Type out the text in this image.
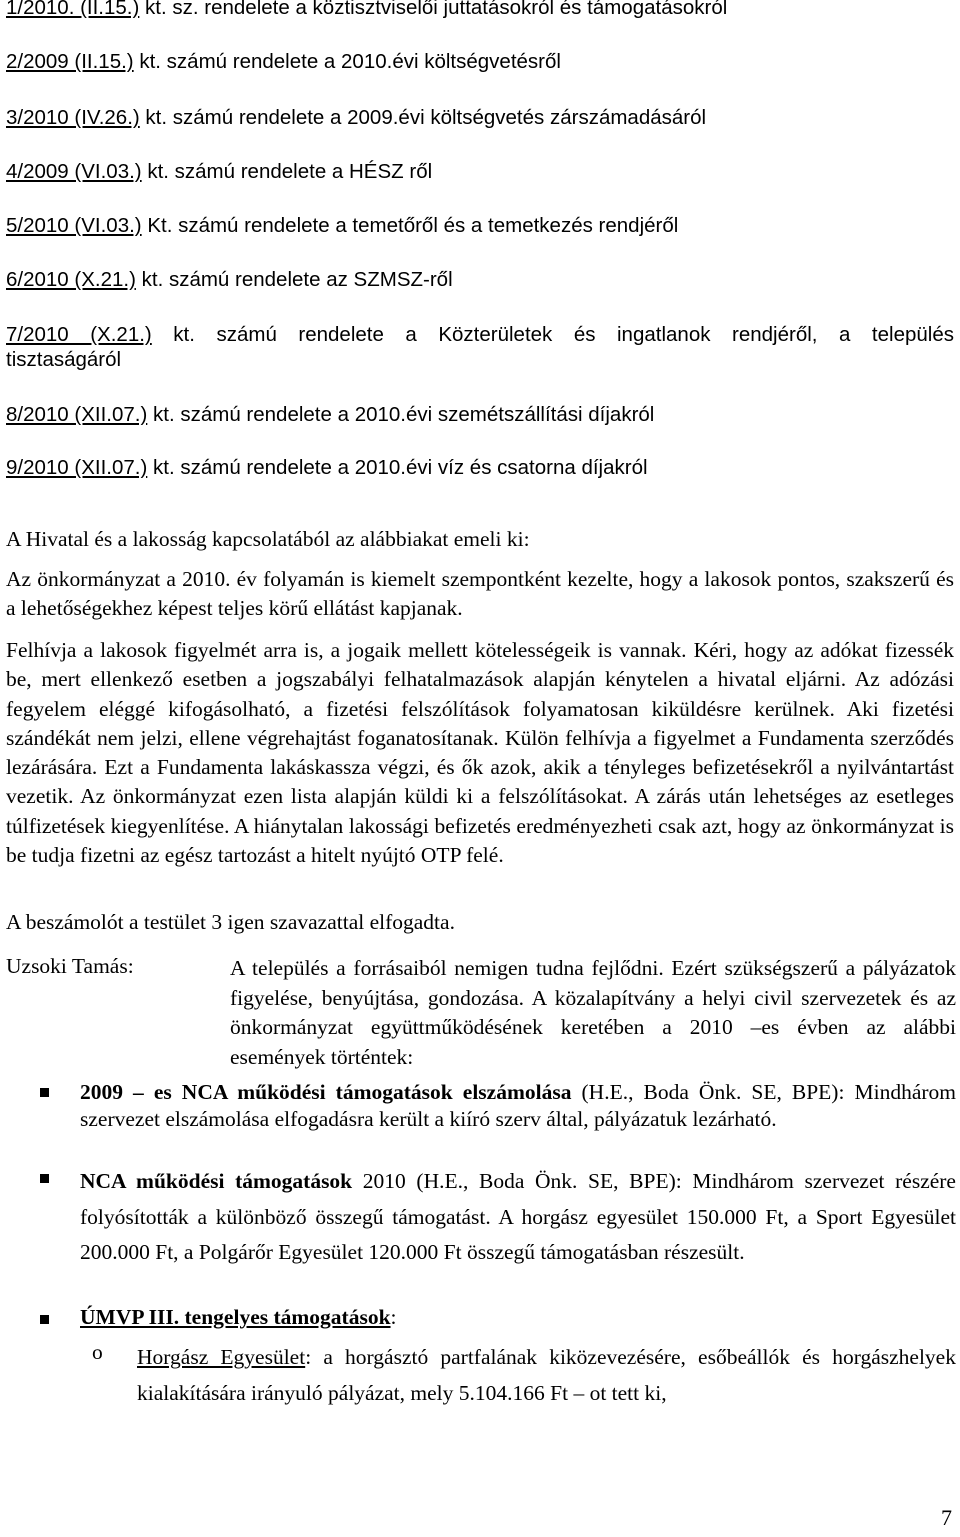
1/2010. (II.15.) kt. sz. rendelete a köztisztviselői juttatásokról és támogatásokról
2/2009 (II.15.) kt. számú rendelete a 2010.évi költségvetésről
3/2010 (IV.26.) kt. számú rendelete a 2009.évi költségvetés zárszámadásáról
4/2009 (VI.03.) kt. számú rendelete a HÉSZ ről
5/2010 (VI.03.) Kt. számú rendelete a temetőről és a temetkezés rendjéről
6/2010 (X.21.) kt. számú rendelete az SZMSZ-ről
7/2010 (X.21.) kt. számú rendelete a Közterületek és ingatlanok rendjéről, a település
tisztaságáról
8/2010 (XII.07.) kt. számú rendelete a 2010.évi szemétszállítási díjakról
9/2010 (XII.07.) kt. számú rendelete a 2010.évi víz és csatorna díjakról
A Hivatal és a lakosság kapcsolatából az alábbiakat emeli ki:
Az önkormányzat a 2010. év folyamán is kiemelt szempontként kezelte, hogy a lakosok pontos, szakszerű és a lehetőségekhez képest teljes körű ellátást kapjanak.
Felhívja a lakosok figyelmét arra is, a jogaik mellett kötelességeik is vannak. Kéri, hogy az adókat fizessék be, mert ellenkező esetben a jogszabályi felhatalmazások alapján kénytelen a hivatal eljárni. Az adózási fegyelem eléggé kifogásolható, a fizetési felszólítások folyamatosan kiküldésre kerülnek. Aki fizetési szándékát nem jelzi, ellene végrehajtást foganatosítanak. Külön felhívja a figyelmet a Fundamenta szerződés lezárására. Ezt a Fundamenta lakáskassza végzi, és ők azok, akik a tényleges befizetésekről a nyilvántartást vezetik. Az önkormányzat ezen lista alapján küldi ki a felszólításokat. A zárás után lehetséges az esetleges túlfizetések kiegyenlítése. A hiánytalan lakossági befizetés eredményezheti csak azt, hogy az önkormányzat is be tudja fizetni az egész tartozást a hitelt nyújtó OTP felé.
A beszámolót a testület 3 igen szavazattal elfogadta.
Uzsoki Tamás:	A település a forrásaiból nemigen tudna fejlődni. Ezért szükségszerű a pályázatok figyelése, benyújtása, gondozása. A közalapítvány a helyi civil szervezetek és az önkormányzat együttműködésének keretében a 2010 –es évben az alábbi események történtek:
2009 – es NCA működési támogatások elszámolása (H.E., Boda Önk. SE, BPE): Mindhárom szervezet elszámolása elfogadásra került a kiíró szerv által, pályázatuk lezárható.
NCA működési támogatások 2010 (H.E., Boda Önk. SE, BPE): Mindhárom szervezet részére folyósították a különböző összegű támogatást. A horgász egyesület 150.000 Ft, a Sport Egyesület 200.000 Ft, a Polgárőr Egyesület 120.000 Ft összegű támogatásban részesült.
ÚMVP III. tengelyes támogatások:
o Horgász Egyesület: a horgásztó partfalának kiközevezésére, esőbeállók és horgászhelyek kialakítására irányuló pályázat, mely 5.104.166 Ft – ot tett ki,
7
